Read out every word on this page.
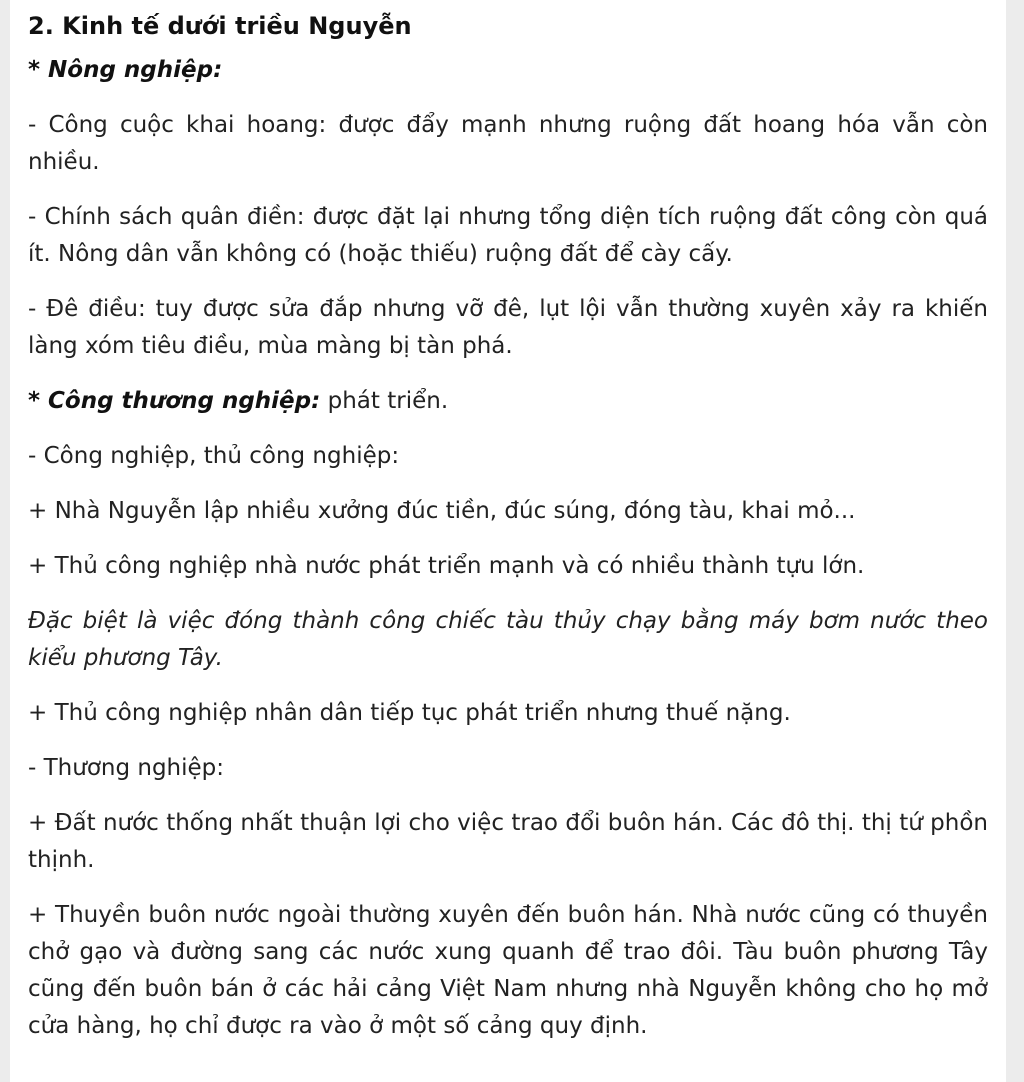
2. Kinh tế dưới triều Nguyễn

* Nông nghiệp:

- Công cuộc khai hoang: được đẩy mạnh nhưng ruộng đất hoang hóa vẫn còn nhiều.

- Chính sách quân điền: được đặt lại nhưng tổng diện tích ruộng đất công còn quá ít. Nông dân vẫn không có (hoặc thiếu) ruộng đất để cày cấy.

- Đê điều: tuy được sửa đắp nhưng vỡ đê, lụt lội vẫn thường xuyên xảy ra khiến làng xóm tiêu điều, mùa màng bị tàn phá.

* Công thương nghiệp: phát triển.

- Công nghiệp, thủ công nghiệp:

+ Nhà Nguyễn lập nhiều xưởng đúc tiền, đúc súng, đóng tàu, khai mỏ...

+ Thủ công nghiệp nhà nước phát triển mạnh và có nhiều thành tựu lớn.

Đặc biệt là việc đóng thành công chiếc tàu thủy chạy bằng máy bơm nước theo kiểu phương Tây.

+ Thủ công nghiệp nhân dân tiếp tục phát triển nhưng thuế nặng.

- Thương nghiệp:

+ Đất nước thống nhất thuận lợi cho việc trao đổi buôn hán. Các đô thị. thị tứ phồn thịnh.

+ Thuyền buôn nước ngoài thường xuyên đến buôn hán. Nhà nước cũng có thuyền chở gạo và đường sang các nước xung quanh để trao đôi. Tàu buôn phương Tây cũng đến buôn bán ở các hải cảng Việt Nam nhưng nhà Nguyễn không cho họ mở cửa hàng, họ chỉ được ra vào ở một số cảng quy định.
